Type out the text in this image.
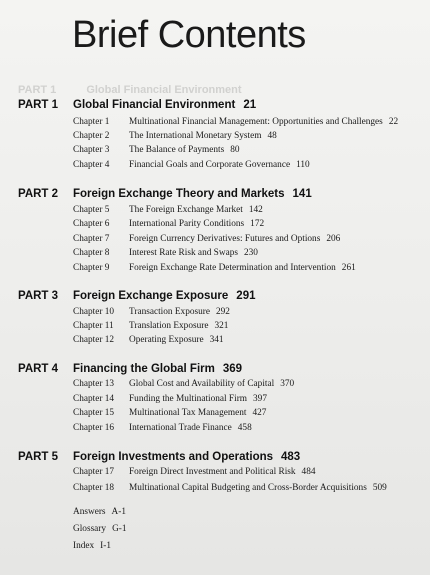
Brief Contents
PART 1	Global Financial Environment
PART 1 Global Financial Environment 21
Chapter 1 Multinational Financial Management: Opportunities and Challenges 22
Chapter 2 The International Monetary System 48
Chapter 3 The Balance of Payments 80
Chapter 4 Financial Goals and Corporate Governance 110
PART 2 Foreign Exchange Theory and Markets 141
Chapter 5 The Foreign Exchange Market 142
Chapter 6 International Parity Conditions 172
Chapter 7 Foreign Currency Derivatives: Futures and Options 206
Chapter 8 Interest Rate Risk and Swaps 230
Chapter 9 Foreign Exchange Rate Determination and Intervention 261
PART 3 Foreign Exchange Exposure 291
Chapter 10 Transaction Exposure 292
Chapter 11 Translation Exposure 321
Chapter 12 Operating Exposure 341
PART 4 Financing the Global Firm 369
Chapter 13 Global Cost and Availability of Capital 370
Chapter 14 Funding the Multinational Firm 397
Chapter 15 Multinational Tax Management 427
Chapter 16 International Trade Finance 458
PART 5 Foreign Investments and Operations 483
Chapter 17 Foreign Direct Investment and Political Risk 484
Chapter 18 Multinational Capital Budgeting and Cross-Border Acquisitions 509
Answers A-1
Glossary G-1
Index I-1
